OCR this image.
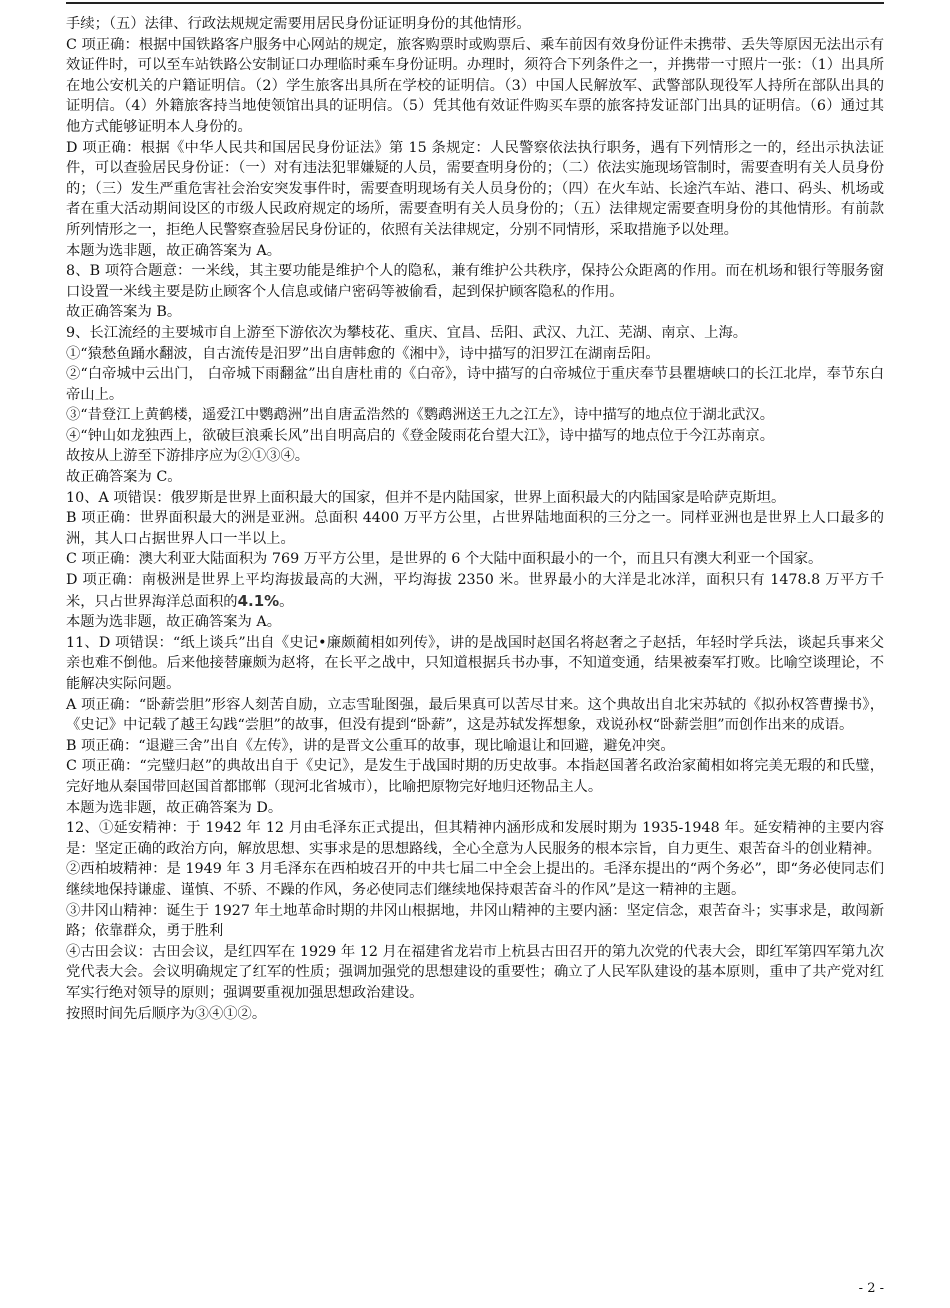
手续；（五）法律、行政法规规定需要用居民身份证证明身份的其他情形。

C 项正确：根据中国铁路客户服务中心网站的规定，旅客购票时或购票后、乘车前因有效身份证件未携带、丢失等原因无法出示有效证件时，可以至车站铁路公安制证口办理临时乘车身份证明。办理时，须符合下列条件之一，并携带一寸照片一张：（1）出具所在地公安机关的户籍证明信。（2）学生旅客出具所在学校的证明信。（3）中国人民解放军、武警部队现役军人持所在部队出具的证明信。（4）外籍旅客持当地使领馆出具的证明信。（5）凭其他有效证件购买车票的旅客持发证部门出具的证明信。（6）通过其他方式能够证明本人身份的。

D 项正确：根据《中华人民共和国居民身份证法》第 15 条规定：人民警察依法执行职务，遇有下列情形之一的，经出示执法证件，可以查验居民身份证：（一）对有违法犯罪嫌疑的人员，需要查明身份的；（二）依法实施现场管制时，需要查明有关人员身份的；（三）发生严重危害社会治安突发事件时，需要查明现场有关人员身份的；（四）在火车站、长途汽车站、港口、码头、机场或者在重大活动期间设区的市级人民政府规定的场所，需要查明有关人员身份的；（五）法律规定需要查明身份的其他情形。有前款所列情形之一，拒绝人民警察查验居民身份证的，依照有关法律规定，分别不同情形，采取措施予以处理。

本题为选非题，故正确答案为 A。

8、B 项符合题意：一米线，其主要功能是维护个人的隐私，兼有维护公共秩序，保持公众距离的作用。而在机场和银行等服务窗口设置一米线主要是防止顾客个人信息或储户密码等被偷看，起到保护顾客隐私的作用。

故正确答案为 B。

9、长江流经的主要城市自上游至下游依次为攀枝花、重庆、宜昌、岳阳、武汉、九江、芜湖、南京、上海。

①“猿愁鱼踊水翻波，自古流传是汨罗”出自唐韩愈的《湘中》，诗中描写的汨罗江在湖南岳阳。

②“白帝城中云出门， 白帝城下雨翻盆”出自唐杜甫的《白帝》，诗中描写的白帝城位于重庆奉节县瞿塘峡口的长江北岸，奉节东白帝山上。

③“昔登江上黄鹤楼，遥爱江中鹦鹉洲”出自唐孟浩然的《鹦鹉洲送王九之江左》，诗中描写的地点位于湖北武汉。

④“钟山如龙独西上，欲破巨浪乘长风”出自明高启的《登金陵雨花台望大江》，诗中描写的地点位于今江苏南京。

故按从上游至下游排序应为②①③④。

故正确答案为 C。

10、A 项错误：俄罗斯是世界上面积最大的国家，但并不是内陆国家，世界上面积最大的内陆国家是哈萨克斯坦。

B 项正确：世界面积最大的洲是亚洲。总面积 4400 万平方公里，占世界陆地面积的三分之一。同样亚洲也是世界上人口最多的洲，其人口占据世界人口一半以上。

C 项正确：澳大利亚大陆面积为 769 万平方公里，是世界的 6 个大陆中面积最小的一个，而且只有澳大利亚一个国家。

D 项正确：南极洲是世界上平均海拔最高的大洲，平均海拔 2350 米。世界最小的大洋是北冰洋，面积只有 1478.8 万平方千米，只占世界海洋总面积的4.1%。

本题为选非题，故正确答案为 A。

11、D 项错误：“纸上谈兵”出自《史记•廉颇蔺相如列传》，讲的是战国时赵国名将赵奢之子赵括，年轻时学兵法，谈起兵事来父亲也难不倒他。后来他接替廉颇为赵将，在长平之战中，只知道根据兵书办事，不知道变通，结果被秦军打败。比喻空谈理论，不能解决实际问题。

A 项正确：“卧薪尝胆”形容人刻苦自励，立志雪耻图强，最后果真可以苦尽甘来。这个典故出自北宋苏轼的《拟孙权答曹操书》，《史记》中记载了越王勾践“尝胆”的故事，但没有提到“卧薪”，这是苏轼发挥想象，戏说孙权“卧薪尝胆”而创作出来的成语。

B 项正确：“退避三舍”出自《左传》，讲的是晋文公重耳的故事，现比喻退让和回避，避免冲突。

C 项正确：“完璧归赵”的典故出自于《史记》，是发生于战国时期的历史故事。本指赵国著名政治家蔺相如将完美无瑕的和氏璧，完好地从秦国带回赵国首都邯郸（现河北省城市），比喻把原物完好地归还物品主人。

本题为选非题，故正确答案为 D。

12、①延安精神：于 1942 年 12 月由毛泽东正式提出，但其精神内涵形成和发展时期为 1935-1948 年。延安精神的主要内容是：坚定正确的政治方向，解放思想、实事求是的思想路线，全心全意为人民服务的根本宗旨，自力更生、艰苦奋斗的创业精神。

②西柏坡精神：是 1949 年 3 月毛泽东在西柏坡召开的中共七届二中全会上提出的。毛泽东提出的“两个务必”，即“务必使同志们继续地保持谦虚、谨慎、不骄、不躁的作风，务必使同志们继续地保持艰苦奋斗的作风”是这一精神的主题。

③井冈山精神：诞生于 1927 年土地革命时期的井冈山根据地，井冈山精神的主要内涵：坚定信念，艰苦奋斗；实事求是，敢闯新路；依靠群众，勇于胜利

④古田会议：古田会议，是红四军在 1929 年 12 月在福建省龙岩市上杭县古田召开的第九次党的代表大会，即红军第四军第九次党代表大会。会议明确规定了红军的性质；强调加强党的思想建设的重要性；确立了人民军队建设的基本原则，重申了共产党对红军实行绝对领导的原则；强调要重视加强思想政治建设。

按照时间先后顺序为③④①②。

- 2 -
